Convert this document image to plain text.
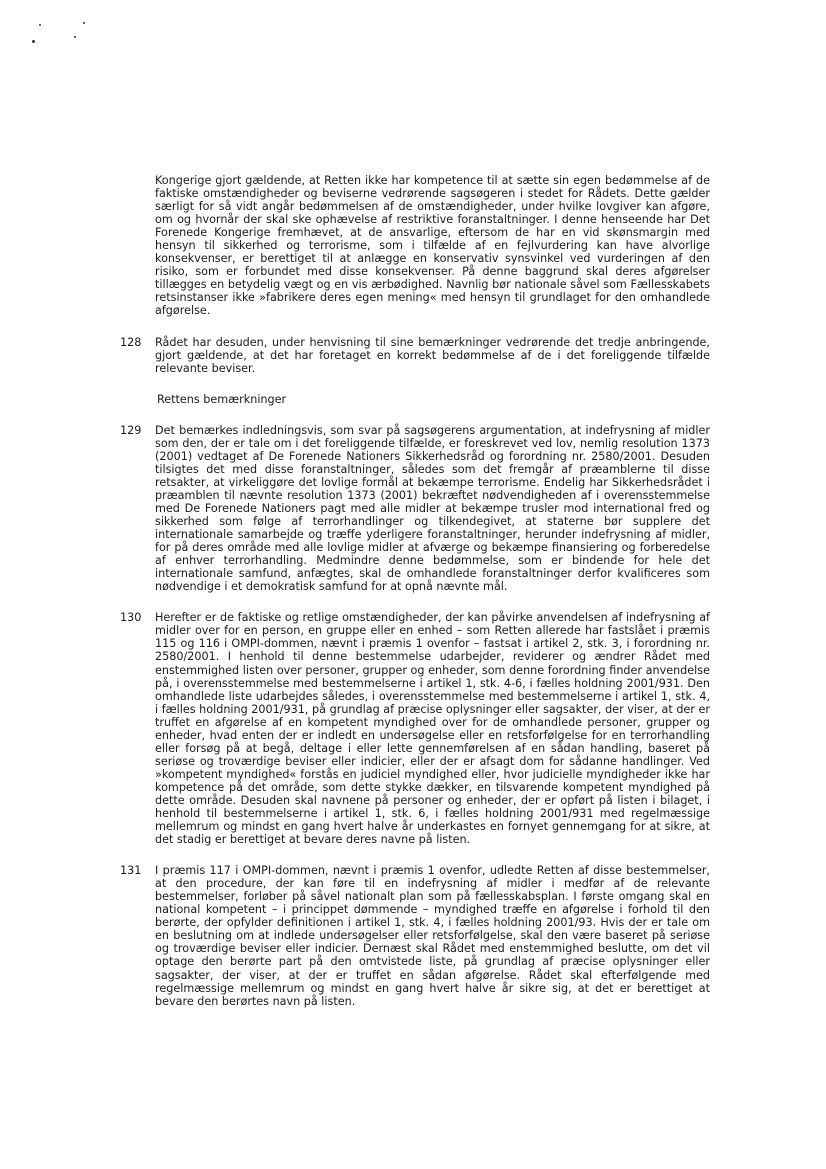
Kongerige gjort gældende, at Retten ikke har kompetence til at sætte sin egen bedømmelse af de faktiske omstændigheder og beviserne vedrørende sagsøgeren i stedet for Rådets. Dette gælder særligt for så vidt angår bedømmelsen af de omstændigheder, under hvilke lovgiver kan afgøre, om og hvornår der skal ske ophævelse af restriktive foranstaltninger. I denne henseende har Det Forenede Kongerige fremhævet, at de ansvarlige, eftersom de har en vid skønsmargin med hensyn til sikkerhed og terrorisme, som i tilfælde af en fejlvurdering kan have alvorlige konsekvenser, er berettiget til at anlægge en konservativ synsvinkel ved vurderingen af den risiko, som er forbundet med disse konsekvenser. På denne baggrund skal deres afgørelser tillægges en betydelig vægt og en vis ærbødighed. Navnlig bør nationale såvel som Fællesskabets retsinstanser ikke »fabrikere deres egen mening« med hensyn til grundlaget for den omhandlede afgørelse.
128	Rådet har desuden, under henvisning til sine bemærkninger vedrørende det tredje anbringende, gjort gældende, at det har foretaget en korrekt bedømmelse af de i det foreliggende tilfælde relevante beviser.
Rettens bemærkninger
129	Det bemærkes indledningsvis, som svar på sagsøgerens argumentation, at indefrysning af midler som den, der er tale om i det foreliggende tilfælde, er foreskrevet ved lov, nemlig resolution 1373 (2001) vedtaget af De Forenede Nationers Sikkerhedsråd og forordning nr. 2580/2001. Desuden tilsigtes det med disse foranstaltninger, således som det fremgår af præamblerne til disse retsakter, at virkeliggøre det lovlige formål at bekæmpe terrorisme. Endelig har Sikkerhedsrådet i præamblen til nævnte resolution 1373 (2001) bekræftet nødvendigheden af i overensstemmelse med De Forenede Nationers pagt med alle midler at bekæmpe trusler mod international fred og sikkerhed som følge af terrorhandlinger og tilkendegivet, at staterne bør supplere det internationale samarbejde og træffe yderligere foranstaltninger, herunder indefrysning af midler, for på deres område med alle lovlige midler at afværge og bekæmpe finansiering og forberedelse af enhver terrorhandling. Medmindre denne bedømmelse, som er bindende for hele det internationale samfund, anfægtes, skal de omhandlede foranstaltninger derfor kvalificeres som nødvendige i et demokratisk samfund for at opnå nævnte mål.
130	Herefter er de faktiske og retlige omstændigheder, der kan påvirke anvendelsen af indefrysning af midler over for en person, en gruppe eller en enhed – som Retten allerede har fastslået i præmis 115 og 116 i OMPI-dommen, nævnt i præmis 1 ovenfor – fastsat i artikel 2, stk. 3, i forordning nr. 2580/2001. I henhold til denne bestemmelse udarbejder, reviderer og ændrer Rådet med enstemmighed listen over personer, grupper og enheder, som denne forordning finder anvendelse på, i overensstemmelse med bestemmelserne i artikel 1, stk. 4-6, i fælles holdning 2001/931. Den omhandlede liste udarbejdes således, i overensstemmelse med bestemmelserne i artikel 1, stk. 4, i fælles holdning 2001/931, på grundlag af præcise oplysninger eller sagsakter, der viser, at der er truffet en afgørelse af en kompetent myndighed over for de omhandlede personer, grupper og enheder, hvad enten der er indledt en undersøgelse eller en retsforfølgelse for en terrorhandling eller forsøg på at begå, deltage i eller lette gennemførelsen af en sådan handling, baseret på seriøse og troværdige beviser eller indicier, eller der er afsagt dom for sådanne handlinger. Ved »kompetent myndighed« forstås en judiciel myndighed eller, hvor judicielle myndigheder ikke har kompetence på det område, som dette stykke dækker, en tilsvarende kompetent myndighed på dette område. Desuden skal navnene på personer og enheder, der er opført på listen i bilaget, i henhold til bestemmelserne i artikel 1, stk. 6, i fælles holdning 2001/931 med regelmæssige mellemrum og mindst en gang hvert halve år underkastes en fornyet gennemgang for at sikre, at det stadig er berettiget at bevare deres navne på listen.
131	I præmis 117 i OMPI-dommen, nævnt i præmis 1 ovenfor, udledte Retten af disse bestemmelser, at den procedure, der kan føre til en indefrysning af midler i medfør af de relevante bestemmelser, forløber på såvel nationalt plan som på fællesskabsplan. I første omgang skal en national kompetent – i princippet dømmende – myndighed træffe en afgørelse i forhold til den berørte, der opfylder definitionen i artikel 1, stk. 4, i fælles holdning 2001/93. Hvis der er tale om en beslutning om at indlede undersøgelser eller retsforfølgelse, skal den være baseret på seriøse og troværdige beviser eller indicier. Dernæst skal Rådet med enstemmighed beslutte, om det vil optage den berørte part på den omtvistede liste, på grundlag af præcise oplysninger eller sagsakter, der viser, at der er truffet en sådan afgørelse. Rådet skal efterfølgende med regelmæssige mellemrum og mindst en gang hvert halve år sikre sig, at det er berettiget at bevare den berørtes navn på listen.
